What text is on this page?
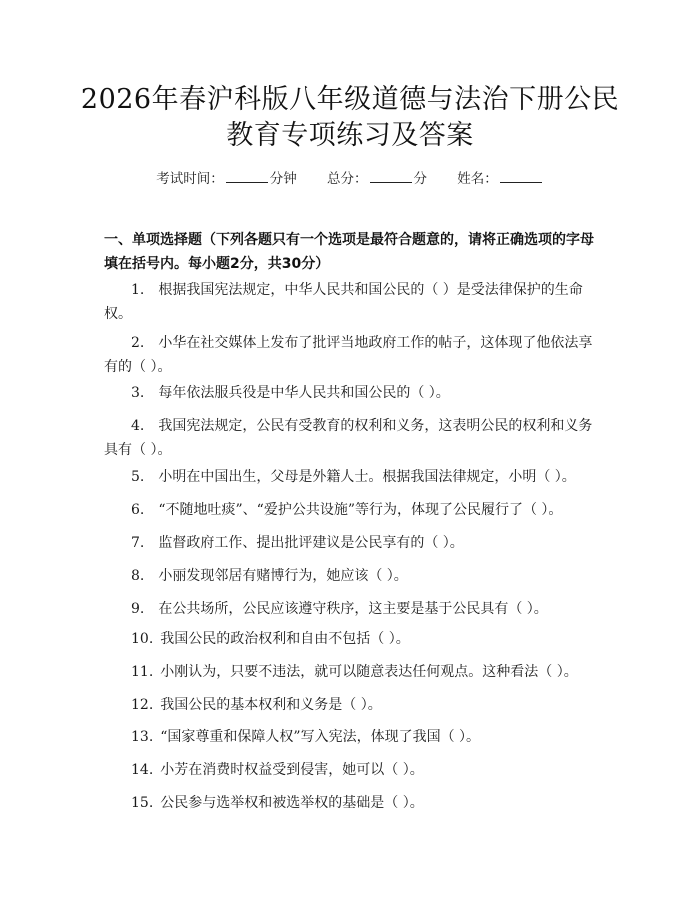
2026年春沪科版八年级道德与法治下册公民
教育专项练习及答案
考试时间：	分钟 总分：	分 姓名：
一、单项选择题（下列各题只有一个选项是最符合题意的，请将正确选项的字母填在括号内。每小题2分，共30分）
1. 根据我国宪法规定，中华人民共和国公民的（ ）是受法律保护的生命权。
2. 小华在社交媒体上发布了批评当地政府工作的帖子，这体现了他依法享有的（ ）。
3. 每年依法服兵役是中华人民共和国公民的（ ）。
4. 我国宪法规定，公民有受教育的权利和义务，这表明公民的权利和义务具有（ ）。
5. 小明在中国出生，父母是外籍人士。根据我国法律规定，小明（ ）。
6. “不随地吐痰”、“爱护公共设施”等行为，体现了公民履行了（ ）。
7. 监督政府工作、提出批评建议是公民享有的（ ）。
8. 小丽发现邻居有赌博行为，她应该（ ）。
9. 在公共场所，公民应该遵守秩序，这主要是基于公民具有（ ）。
10. 我国公民的政治权利和自由不包括（ ）。
11. 小刚认为，只要不违法，就可以随意表达任何观点。这种看法（ ）。
12. 我国公民的基本权利和义务是（ ）。
13. “国家尊重和保障人权”写入宪法，体现了我国（ ）。
14. 小芳在消费时权益受到侵害，她可以（ ）。
15. 公民参与选举权和被选举权的基础是（ ）。
